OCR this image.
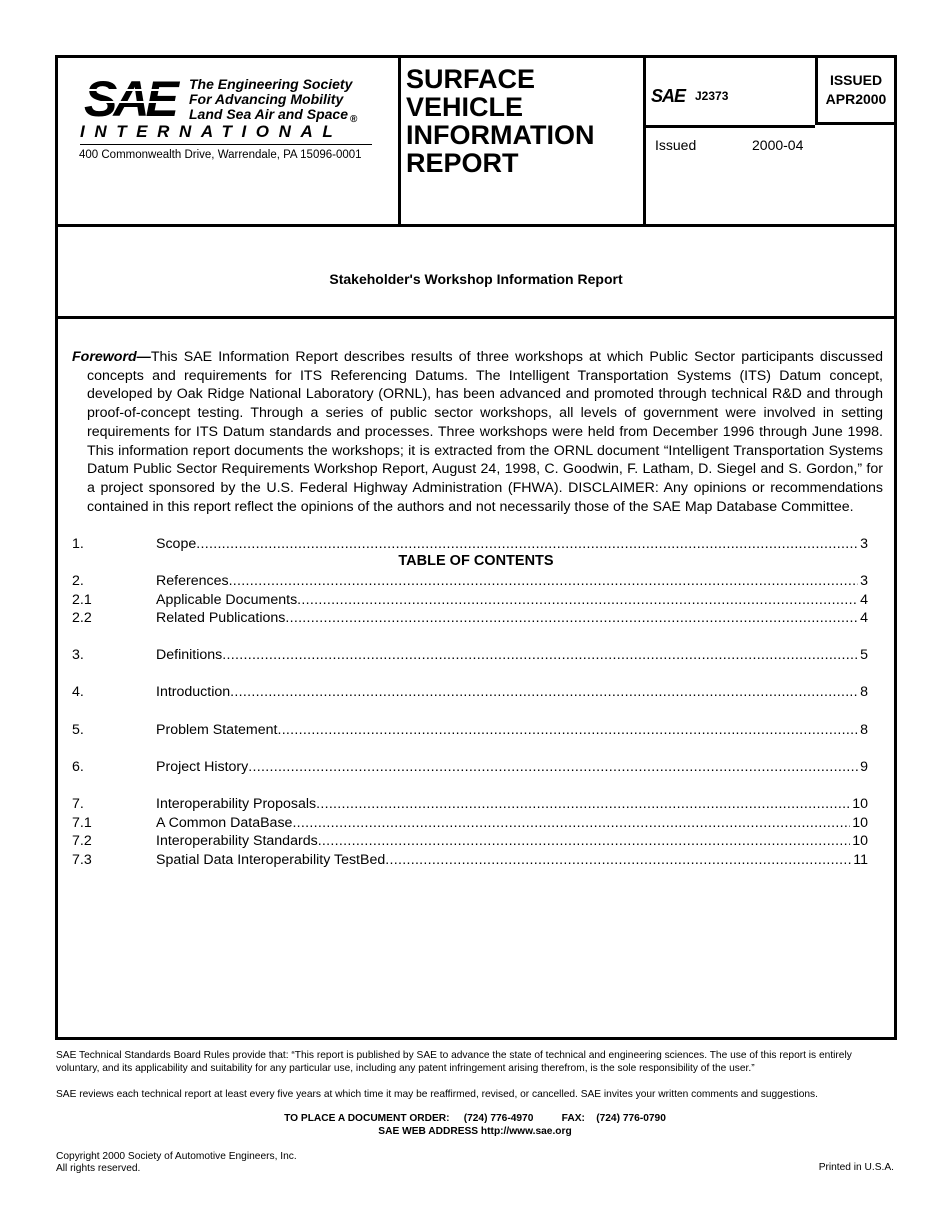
SAE	The Engineering Society
For Advancing Mobility
Land Sea Air and Space $_®$
INTERNATIONAL
400 Commonwealth Drive, Warrendale, PA 15096-0001
SURFACE
VEHICLE
INFORMATION
REPORT
SAE J2373
ISSUED
APR2000
Issued	2000-04
Stakeholder's Workshop Information Report
Foreword—This SAE Information Report describes results of three workshops at which Public Sector participants discussed concepts and requirements for ITS Referencing Datums. The Intelligent Transportation Systems (ITS) Datum concept, developed by Oak Ridge National Laboratory (ORNL), has been advanced and promoted through technical R&D and through proof-of-concept testing. Through a series of public sector workshops, all levels of government were involved in setting requirements for ITS Datum standards and processes. Three workshops were held from December 1996 through June 1998. This information report documents the workshops; it is extracted from the ORNL document “Intelligent Transportation Systems Datum Public Sector Requirements Workshop Report, August 24, 1998, C. Goodwin, F. Latham, D. Siegel and S. Gordon,” for a project sponsored by the U.S. Federal Highway Administration (FHWA). DISCLAIMER: Any opinions or recommendations contained in this report reflect the opinions of the authors and not necessarily those of the SAE Map Database Committee.
TABLE OF CONTENTS
1.	Scope .....	3
2.	References .....	3
2.1	Applicable Documents .....	4
2.2	Related Publications .....	4
3.	Definitions .....	5
4.	Introduction .....	8
5.	Problem Statement .....	8
6.	Project History .....	9
7.	Interoperability Proposals .....	10
7.1	A Common DataBase .....	10
7.2	Interoperability Standards .....	10
7.3	Spatial Data Interoperability TestBed .....	11
SAE Technical Standards Board Rules provide that: “This report is published by SAE to advance the state of technical and engineering sciences. The use of this report is entirely voluntary, and its applicability and suitability for any particular use, including any patent infringement arising therefrom, is the sole responsibility of the user.”
SAE reviews each technical report at least every five years at which time it may be reaffirmed, revised, or cancelled. SAE invites your written comments and suggestions.
TO PLACE A DOCUMENT ORDER:     (724) 776-4970          FAX:    (724) 776-0790
SAE WEB ADDRESS http://www.sae.org
Copyright 2000 Society of Automotive Engineers, Inc.
All rights reserved.	Printed in U.S.A.
